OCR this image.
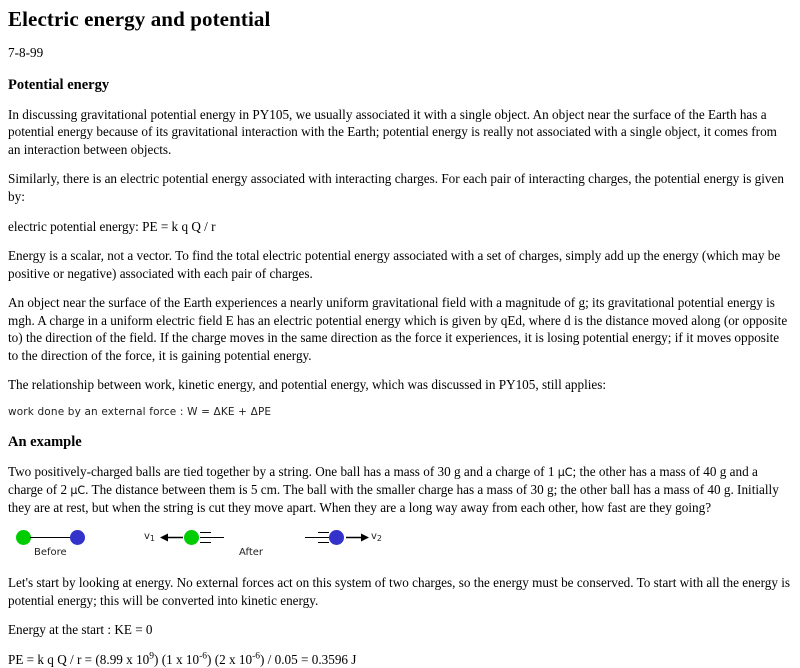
Electric energy and potential

7-8-99

Potential energy

In discussing gravitational potential energy in PY105, we usually associated it with a single object. An object near the surface of the Earth has a potential energy because of its gravitational interaction with the Earth; potential energy is really not associated with a single object, it comes from an interaction between objects.

Similarly, there is an electric potential energy associated with interacting charges. For each pair of interacting charges, the potential energy is given by:

electric potential energy: PE = k q Q / r

Energy is a scalar, not a vector. To find the total electric potential energy associated with a set of charges, simply add up the energy (which may be positive or negative) associated with each pair of charges.

An object near the surface of the Earth experiences a nearly uniform gravitational field with a magnitude of g; its gravitational potential energy is mgh. A charge in a uniform electric field E has an electric potential energy which is given by qEd, where d is the distance moved along (or opposite to) the direction of the field. If the charge moves in the same direction as the force it experiences, it is losing potential energy; if it moves opposite to the direction of the force, it is gaining potential energy.

The relationship between work, kinetic energy, and potential energy, which was discussed in PY105, still applies:

work done by an external force : W = ΔKE + ΔPE
An example

Two positively-charged balls are tied together by a string. One ball has a mass of 30 g and a charge of 1 μC; the other has a mass of 40 g and a charge of 2 μC. The distance between them is 5 cm. The ball with the smaller charge has a mass of 30 g; the other ball has a mass of 40 g. Initially they are at rest, but when the string is cut they move apart. When they are a long way away from each other, how fast are they going?

Before
$v_1$
After
$v_2$

Let's start by looking at energy. No external forces act on this system of two charges, so the energy must be conserved. To start with all the energy is potential energy; this will be converted into kinetic energy.

Energy at the start : KE = 0

PE = k q Q / r = (8.99 x $10^9$) (1 x $10^{-6}$) (2 x $10^{-6}) / 0.05 = 0.3596$ J
